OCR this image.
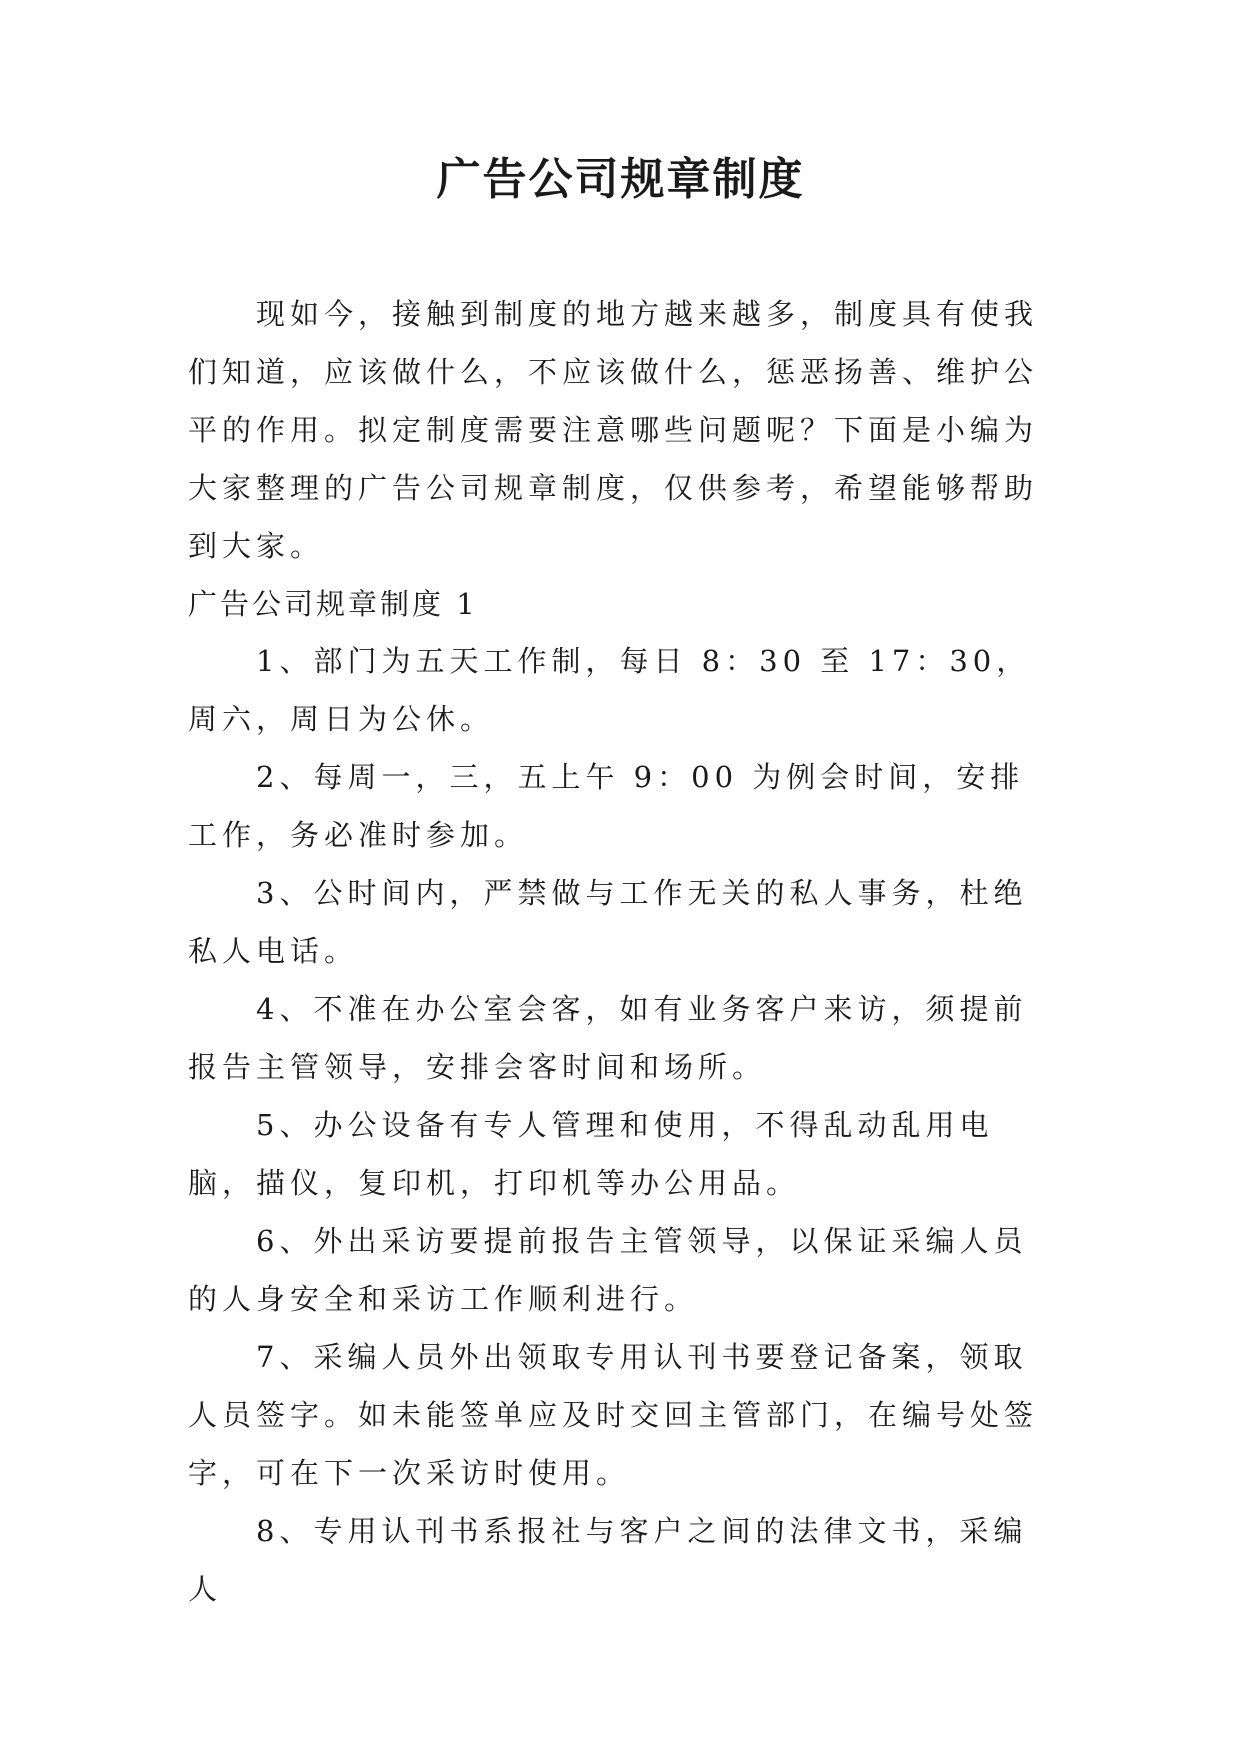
广告公司规章制度

现如今，接触到制度的地方越来越多，制度具有使我们知道，应该做什么，不应该做什么，惩恶扬善、维护公平的作用。拟定制度需要注意哪些问题呢？下面是小编为大家整理的广告公司规章制度，仅供参考，希望能够帮助到大家。

广告公司规章制度 1

1、部门为五天工作制，每日 8：30 至 17：30，周六，周日为公休。
2、每周一，三，五上午 9：00 为例会时间，安排工作，务必准时参加。
3、公时间内，严禁做与工作无关的私人事务，杜绝私人电话。
4、不准在办公室会客，如有业务客户来访，须提前报告主管领导，安排会客时间和场所。
5、办公设备有专人管理和使用，不得乱动乱用电脑，描仪，复印机，打印机等办公用品。
6、外出采访要提前报告主管领导，以保证采编人员的人身安全和采访工作顺利进行。
7、采编人员外出领取专用认刊书要登记备案，领取人员签字。如未能签单应及时交回主管部门，在编号处签字，可在下一次采访时使用。
8、专用认刊书系报社与客户之间的法律文书，采编人
